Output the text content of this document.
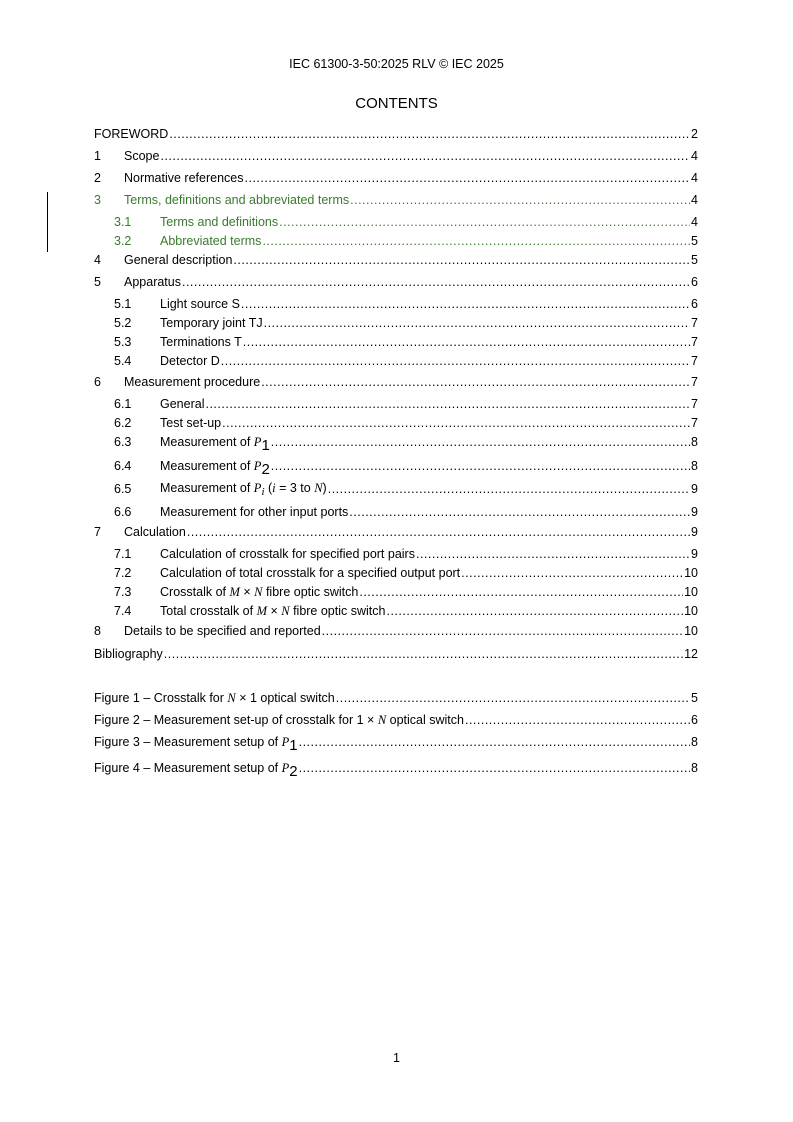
IEC 61300-3-50:2025 RLV © IEC 2025
CONTENTS
FOREWORD .....	2
1	Scope .....	4
2	Normative references .....	4
3	Terms, definitions and abbreviated terms .....	4
3.1	Terms and definitions .....	4
3.2	Abbreviated terms .....	5
4	General description .....	5
5	Apparatus .....	6
5.1	Light source S .....	6
5.2	Temporary joint TJ .....	7
5.3	Terminations T .....	7
5.4	Detector D .....	7
6	Measurement procedure .....	7
6.1	General .....	7
6.2	Test set-up .....	7
6.3	Measurement of P1 .....	8
6.4	Measurement of P2 .....	8
6.5	Measurement of Pi (i = 3 to N) .....	9
6.6	Measurement for other input ports .....	9
7	Calculation .....	9
7.1	Calculation of crosstalk for specified port pairs .....	9
7.2	Calculation of total crosstalk for a specified output port .....	10
7.3	Crosstalk of M × N fibre optic switch .....	10
7.4	Total crosstalk of M × N fibre optic switch .....	10
8	Details to be specified and reported .....	10
Bibliography .....	12
Figure 1 – Crosstalk for N × 1 optical switch .....	5
Figure 2 – Measurement set-up of crosstalk for 1 × N optical switch .....	6
Figure 3 – Measurement setup of P1 .....	8
Figure 4 – Measurement setup of P2 .....	8
1
